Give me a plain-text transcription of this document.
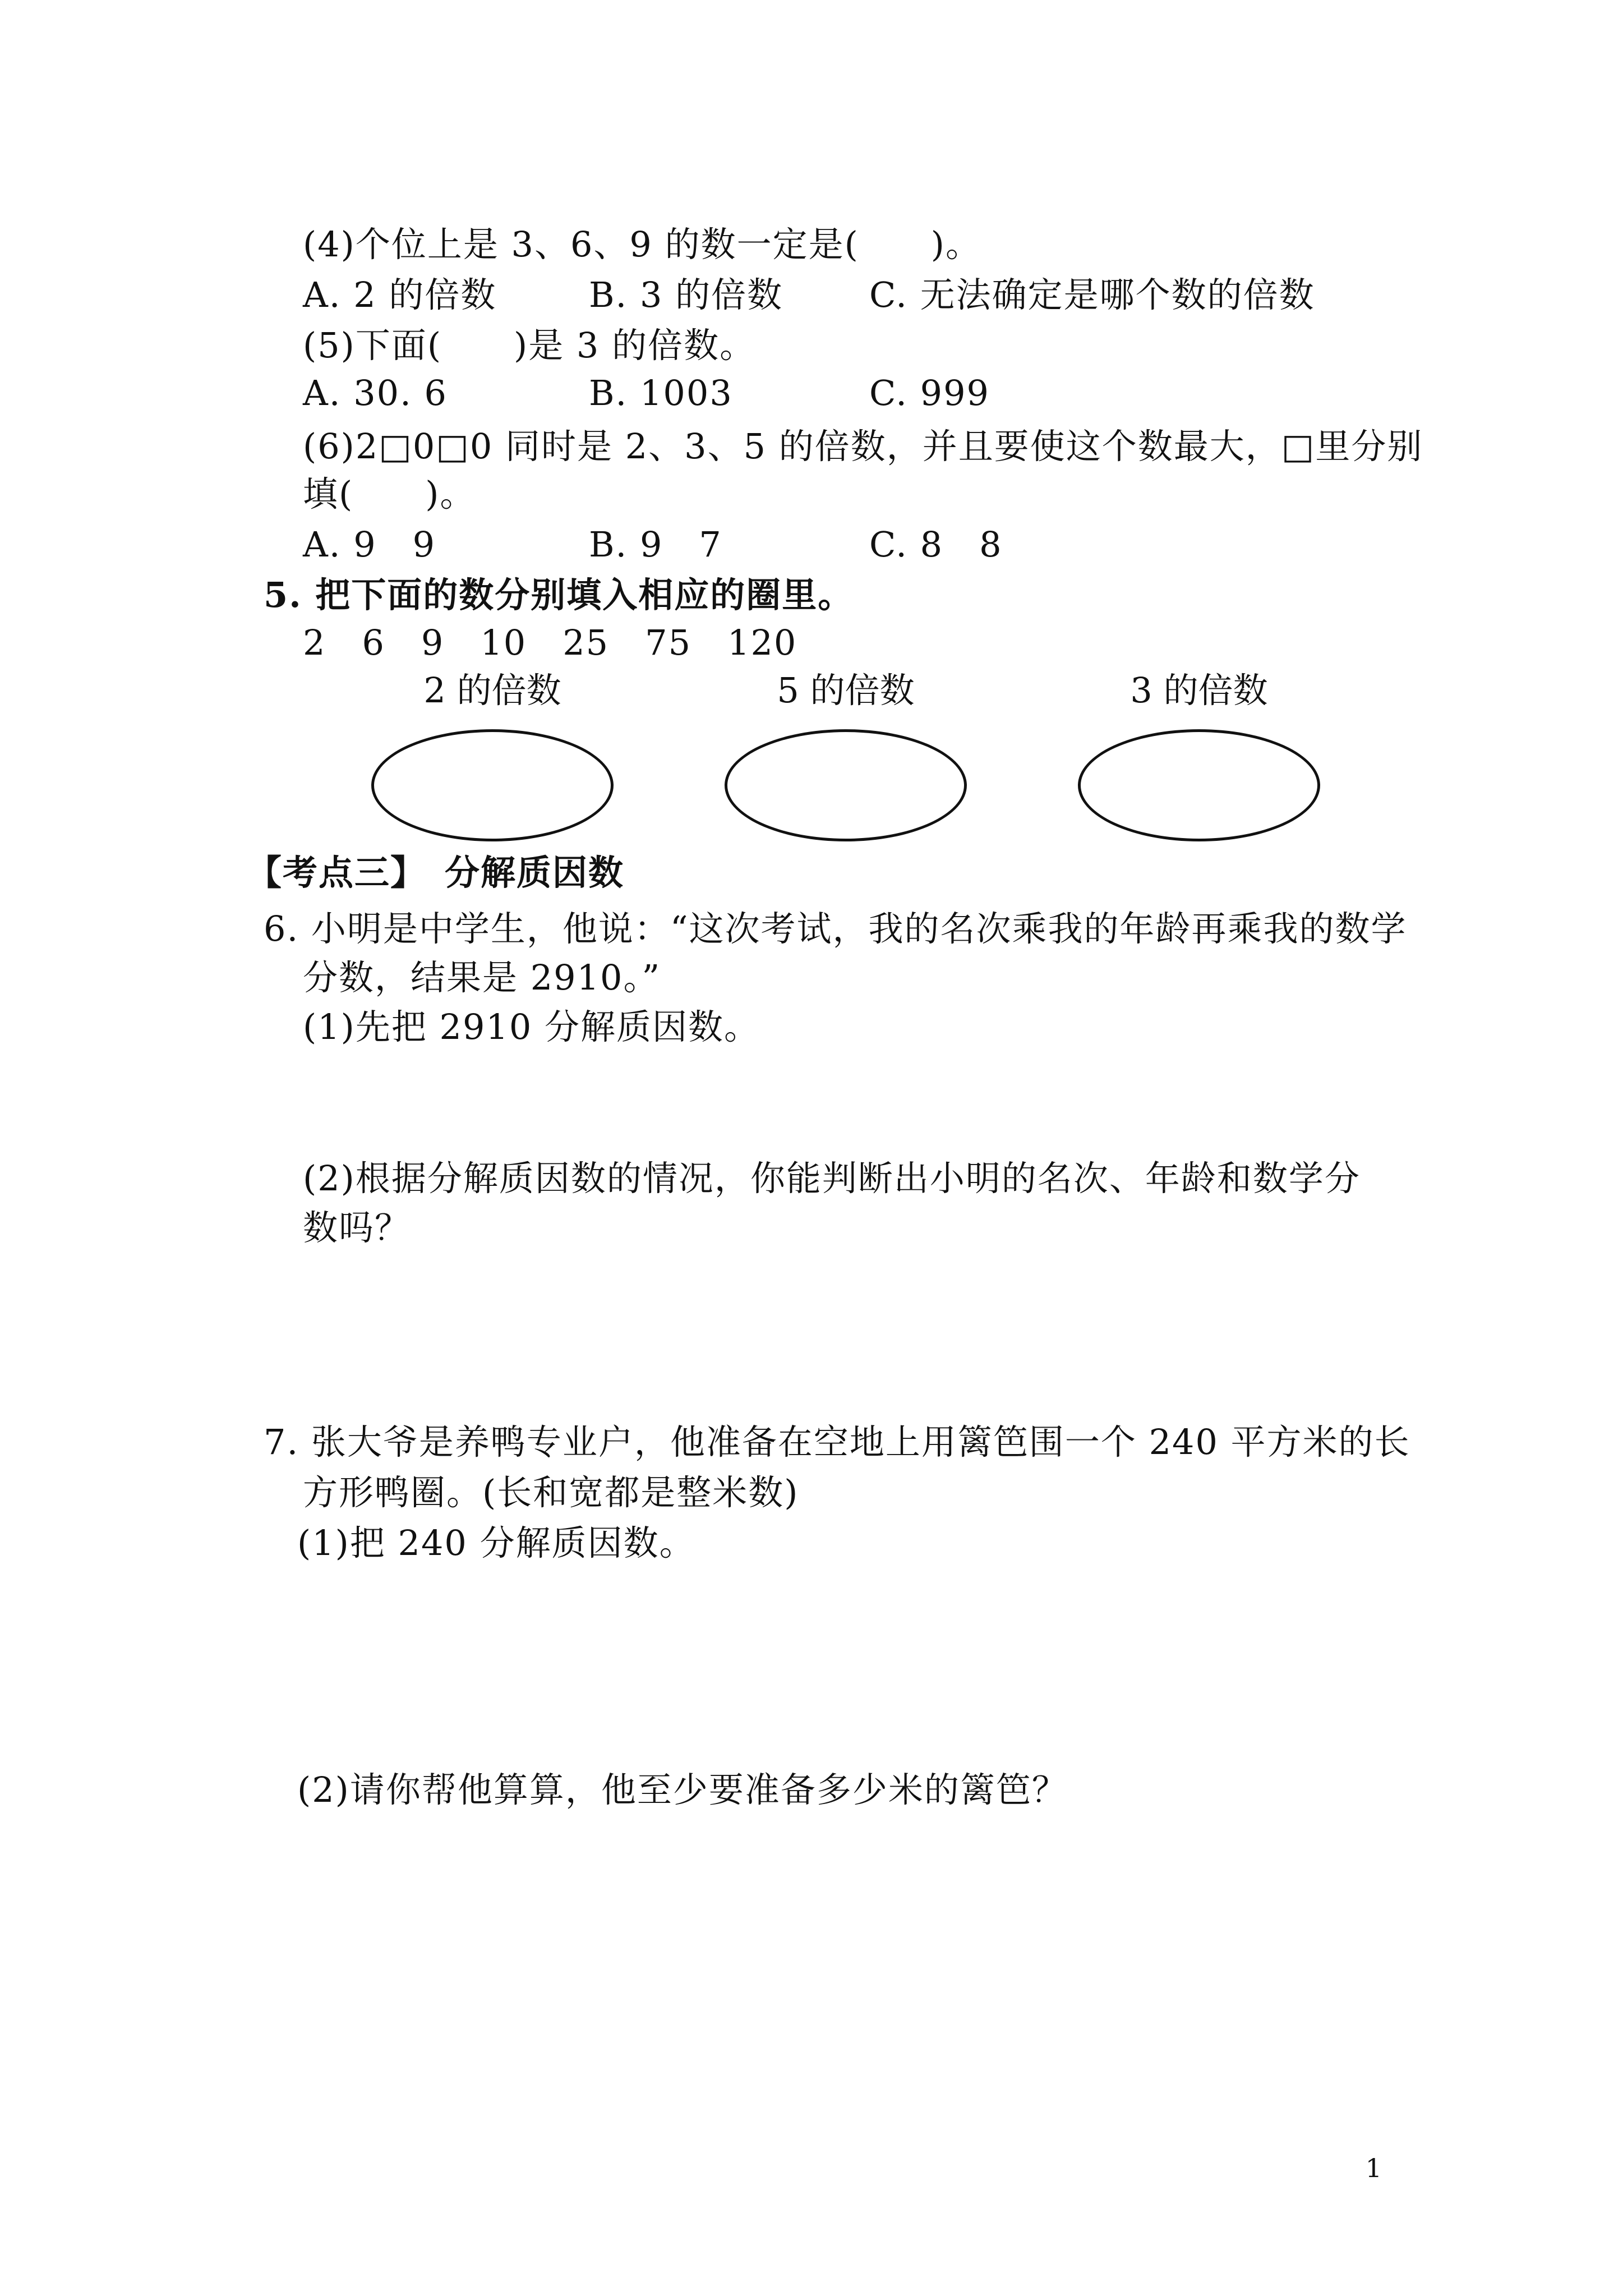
(4)个位上是 3、6、9 的数一定是(　　)。
A. 2 的倍数	B. 3 的倍数 C. 无法确定是哪个数的倍数
(5)下面(　　)是 3 的倍数。
A. 30. 6	B. 1003	C. 999
(6)2□0□0 同时是 2、3、5 的倍数，并且要使这个数最大，□里分别
填(　　)。
A. 9　9	B. 9　7	C. 8　8
5. 把下面的数分别填入相应的圈里。
2　6　9　10　25　75　120
2 的倍数	5 的倍数	3 的倍数
【考点三】　分解质因数
6. 小明是中学生，他说：“这次考试，我的名次乘我的年龄再乘我的数学
分数，结果是 2910。”
(1)先把 2910 分解质因数。
(2)根据分解质因数的情况，你能判断出小明的名次、年龄和数学分
数吗？
7. 张大爷是养鸭专业户，他准备在空地上用篱笆围一个 240 平方米的长
方形鸭圈。(长和宽都是整米数)
(1)把 240 分解质因数。
(2)请你帮他算算，他至少要准备多少米的篱笆？
1
